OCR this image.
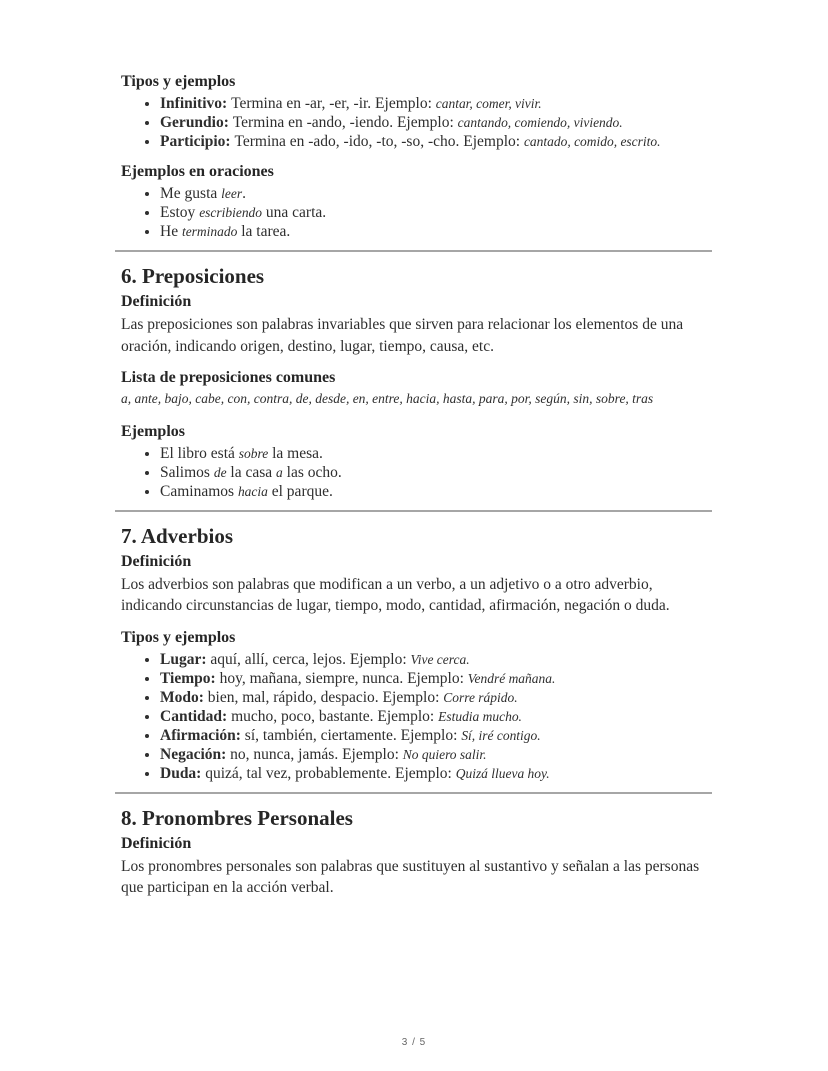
Tipos y ejemplos
• Infinitivo: Termina en -ar, -er, -ir. Ejemplo: cantar, comer, vivir.
• Gerundio: Termina en -ando, -iendo. Ejemplo: cantando, comiendo, viviendo.
• Participio: Termina en -ado, -ido, -to, -so, -cho. Ejemplo: cantado, comido, escrito.
Ejemplos en oraciones
• Me gusta leer.
• Estoy escribiendo una carta.
• He terminado la tarea.
6. Preposiciones
Definición

Las preposiciones son palabras invariables que sirven para relacionar los elementos de una oración, indicando origen, destino, lugar, tiempo, causa, etc.

Lista de preposiciones comunes

a, ante, bajo, cabe, con, contra, de, desde, en, entre, hacia, hasta, para, por, según, sin, sobre, tras

Ejemplos
• El libro está sobre la mesa.
• Salimos de la casa a las ocho.
• Caminamos hacia el parque.
7. Adverbios
Definición

Los adverbios son palabras que modifican a un verbo, a un adjetivo o a otro adverbio, indicando circunstancias de lugar, tiempo, modo, cantidad, afirmación, negación o duda.

Tipos y ejemplos
• Lugar: aquí, allí, cerca, lejos. Ejemplo: Vive cerca.
• Tiempo: hoy, mañana, siempre, nunca. Ejemplo: Vendré mañana.
• Modo: bien, mal, rápido, despacio. Ejemplo: Corre rápido.
• Cantidad: mucho, poco, bastante. Ejemplo: Estudia mucho.
• Afirmación: sí, también, ciertamente. Ejemplo: Sí, iré contigo.
• Negación: no, nunca, jamás. Ejemplo: No quiero salir.
• Duda: quizá, tal vez, probablemente. Ejemplo: Quizá llueva hoy.
8. Pronombres Personales
Definición

Los pronombres personales son palabras que sustituyen al sustantivo y señalan a las personas que participan en la acción verbal.

3 / 5
